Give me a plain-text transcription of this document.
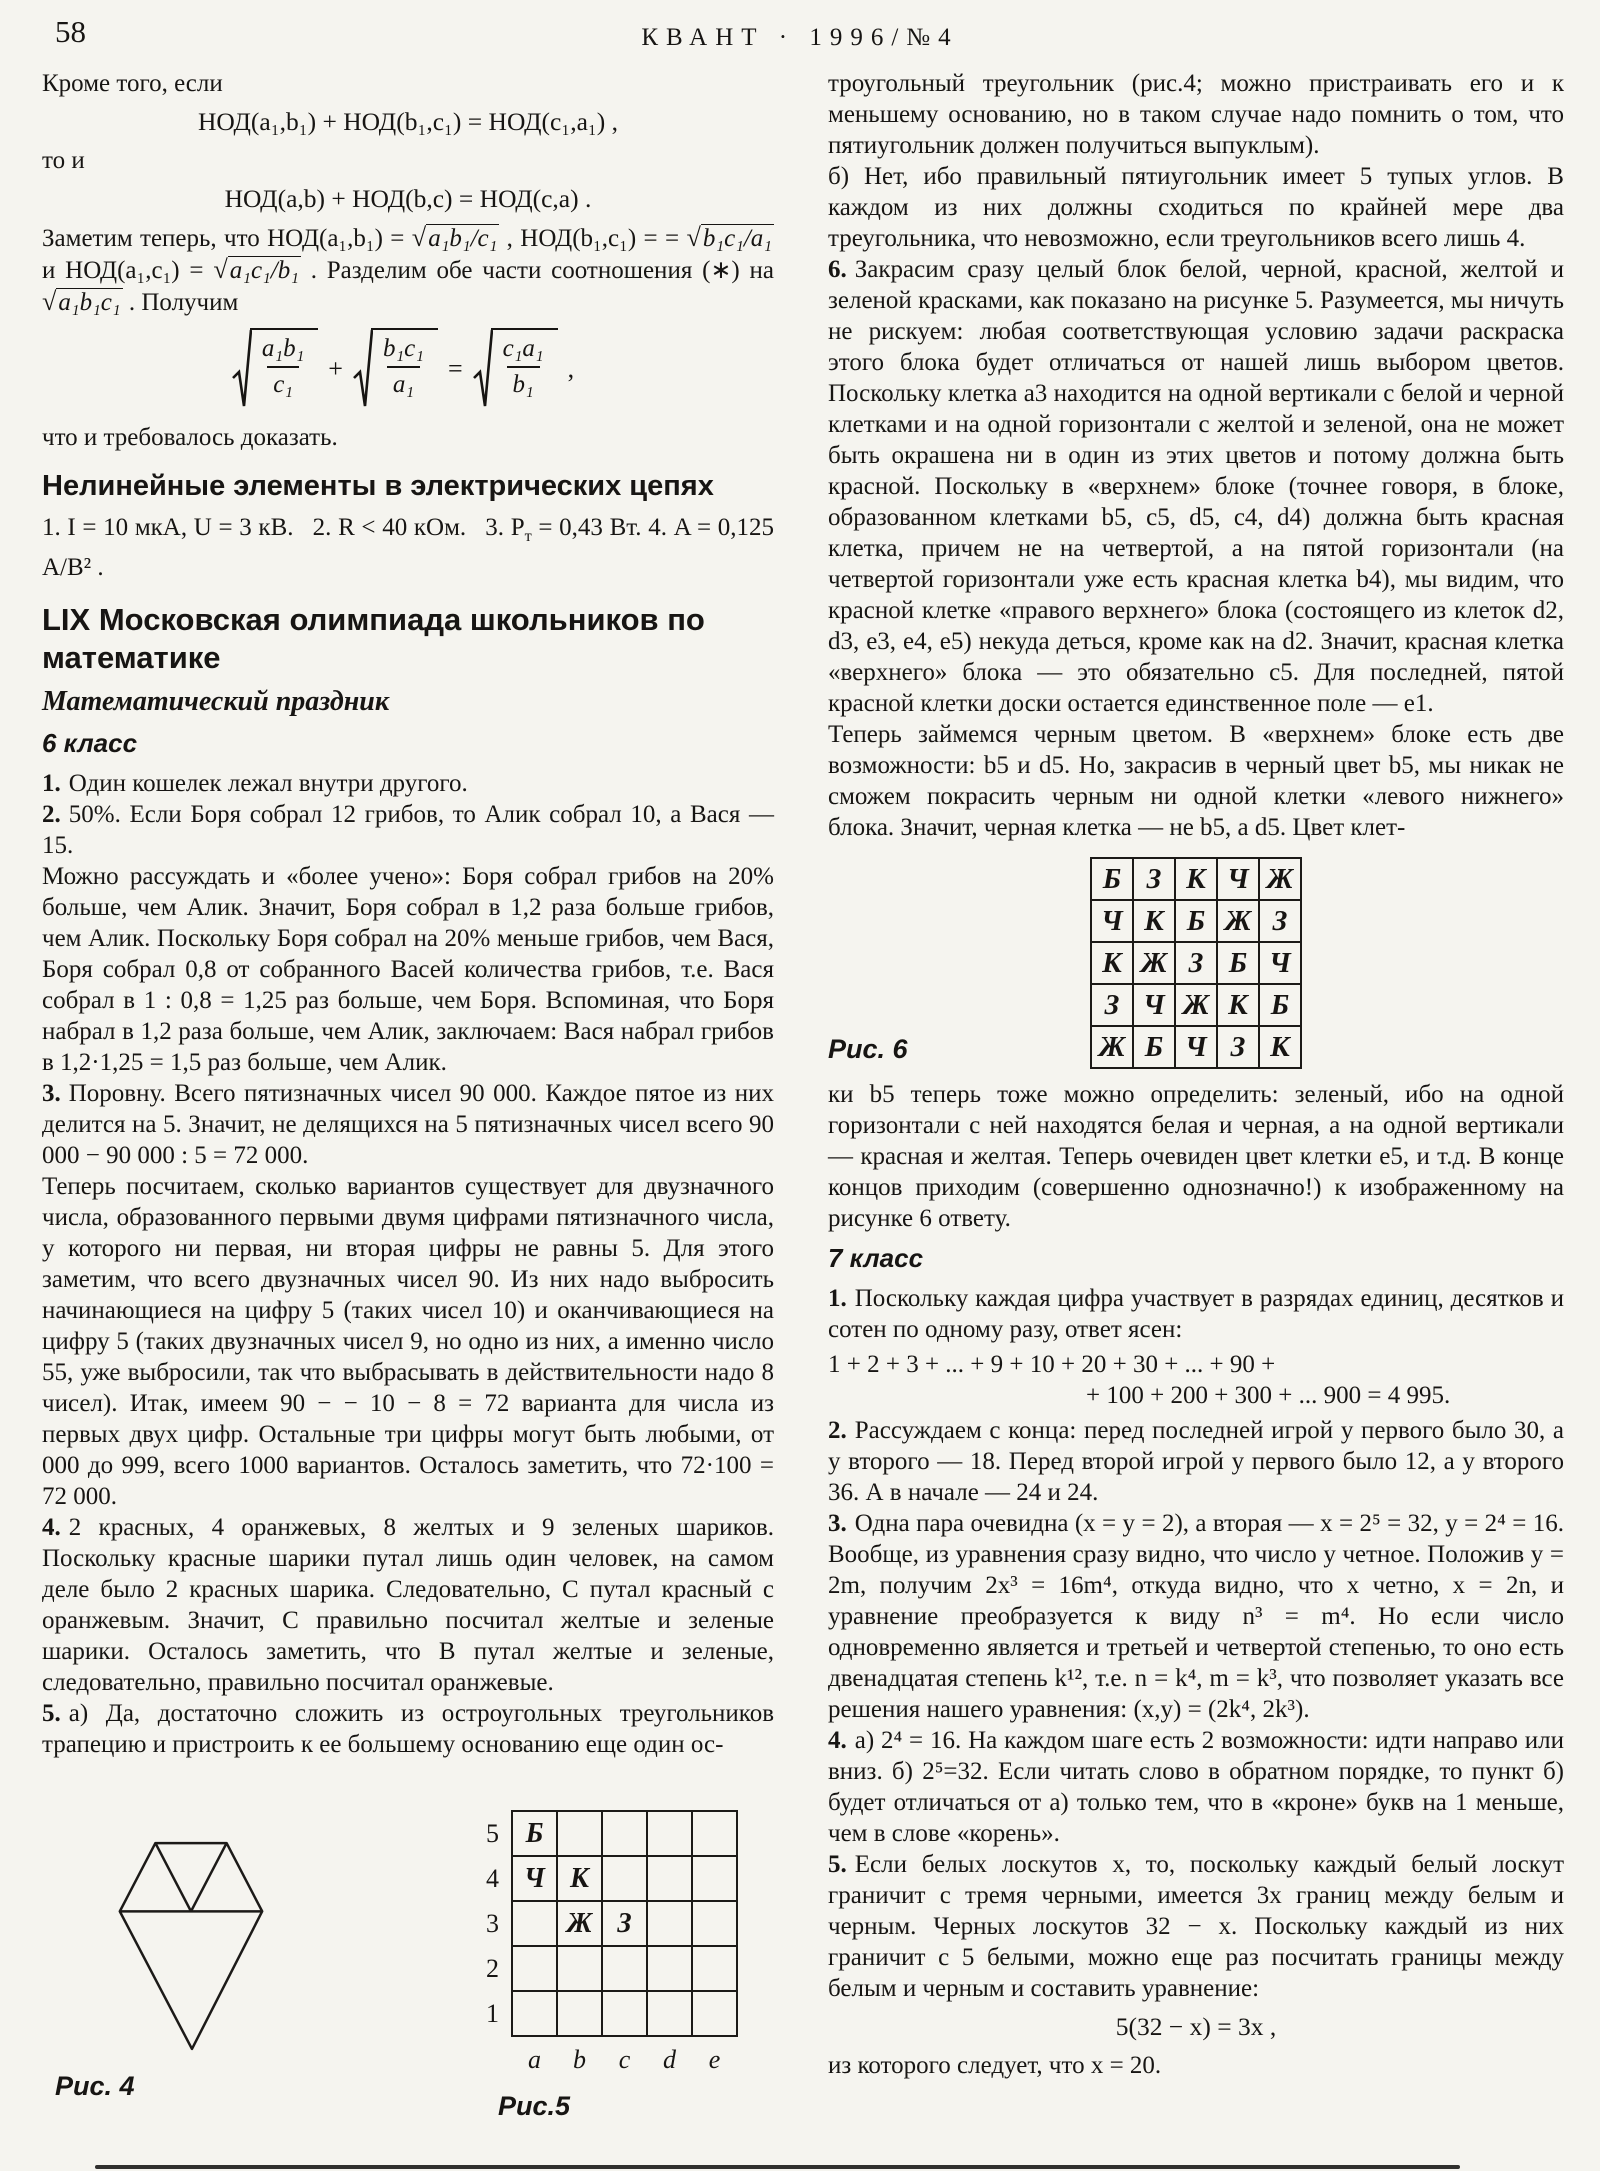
58	КВАНТ · 1996/№4

Кроме того, если

НОД(a₁,b₁) + НОД(b₁,c₁) = НОД(c₁,a₁) ,

то и

НОД(a,b) + НОД(b,c) = НОД(c,a) .

Заметим теперь, что НОД(a₁,b₁) = √a₁b₁/c₁ , НОД(b₁,c₁) = = √b₁c₁/a₁ и НОД(a₁,c₁) = √a₁c₁/b₁ . Разделим обе части соотношения (∗) на √a₁b₁c₁ . Получим

$\frac{\text{a₁b₁}}{\text{c₁}}$ +	$\frac{\text{b₁c₁}}{\text{a₁}}$ =	$\frac{\text{c₁a₁}}{\text{b₁}}$ ,

что и требовалось доказать.

Нелинейные элементы в электрических цепях

1. I = 10 мкА, U = 3 кВ.  2. R < 40 кОм.  3. $P_т = 0,43$ Вт. 4. A = 0,125 А/В² .

LIX Московская олимпиада школьников по математике
Математический праздник
6 класс

1. Один кошелек лежал внутри другого.

2. 50%. Если Боря собрал 12 грибов, то Алик собрал 10, а Вася — 15.

Можно рассуждать и «более учено»: Боря собрал грибов на 20% больше, чем Алик. Значит, Боря собрал в 1,2 раза больше грибов, чем Алик. Поскольку Боря собрал на 20% меньше грибов, чем Вася, Боря собрал 0,8 от собранного Васей количества грибов, т.е. Вася собрал в 1 : 0,8 = 1,25 раз больше, чем Боря. Вспоминая, что Боря набрал в 1,2 раза больше, чем Алик, заключаем: Вася набрал грибов в 1,2·1,25 = 1,5 раз больше, чем Алик.

3. Поровну. Всего пятизначных чисел 90 000. Каждое пятое из них делится на 5. Значит, не делящихся на 5 пятизначных чисел всего 90 000 − 90 000 : 5 = 72 000.

Теперь посчитаем, сколько вариантов существует для двузначного числа, образованного первыми двумя цифрами пятизначного числа, у которого ни первая, ни вторая цифры не равны 5. Для этого заметим, что всего двузначных чисел 90. Из них надо выбросить начинающиеся на цифру 5 (таких чисел 10) и оканчивающиеся на цифру 5 (таких двузначных чисел 9, но одно из них, а именно число 55, уже выбросили, так что выбрасывать в действительности надо 8 чисел). Итак, имеем 90 − − 10 − 8 = 72 варианта для числа из первых двух цифр. Остальные три цифры могут быть любыми, от 000 до 999, всего 1000 вариантов. Осталось заметить, что 72·100 = 72 000.

4. 2 красных, 4 оранжевых, 8 желтых и 9 зеленых шариков. Поскольку красные шарики путал лишь один человек, на самом деле было 2 красных шарика. Следовательно, C путал красный с оранжевым. Значит, C правильно посчитал желтые и зеленые шарики. Осталось заметить, что B путал желтые и зеленые, следовательно, правильно посчитал оранжевые.

5. а) Да, достаточно сложить из остроугольных треугольников трапецию и пристроить к ее большему основанию еще один ос-

Рис. 4
5	Б				
4	Ч	К			
3		Ж	З		
2					
1					
	a	b	c	d	e
Рис.5

троугольный треугольник (рис.4; можно пристраивать его и к меньшему основанию, но в таком случае надо помнить о том, что пятиугольник должен получиться выпуклым).

б) Нет, ибо правильный пятиугольник имеет 5 тупых углов. В каждом из них должны сходиться по крайней мере два треугольника, что невозможно, если треугольников всего лишь 4.

6. Закрасим сразу целый блок белой, черной, красной, желтой и зеленой красками, как показано на рисунке 5. Разумеется, мы ничуть не рискуем: любая соответствующая условию задачи раскраска этого блока будет отличаться от нашей лишь выбором цветов. Поскольку клетка a3 находится на одной вертикали с белой и черной клетками и на одной горизонтали с желтой и зеленой, она не может быть окрашена ни в один из этих цветов и потому должна быть красной. Поскольку в «верхнем» блоке (точнее говоря, в блоке, образованном клетками b5, c5, d5, c4, d4) должна быть красная клетка, причем не на четвертой, а на пятой горизонтали (на четвертой горизонтали уже есть красная клетка b4), мы видим, что красной клетке «правого верхнего» блока (состоящего из клеток d2, d3, e3, e4, e5) некуда деться, кроме как на d2. Значит, красная клетка «верхнего» блока — это обязательно c5. Для последней, пятой красной клетки доски остается единственное поле — e1.

Теперь займемся черным цветом. В «верхнем» блоке есть две возможности: b5 и d5. Но, закрасив в черный цвет b5, мы никак не сможем покрасить черным ни одной клетки «левого нижнего» блока. Значит, черная клетка — не b5, а d5. Цвет клет-

Б	З	К	Ч	Ж
Ч	К	Б	Ж	З
К	Ж	З	Б	Ч
З	Ч	Ж	К	Б
Ж	Б	Ч	З	К
Рис. 6

ки b5 теперь тоже можно определить: зеленый, ибо на одной горизонтали с ней находятся белая и черная, а на одной вертикали — красная и желтая. Теперь очевиден цвет клетки e5, и т.д. В конце концов приходим (совершенно однозначно!) к изображенному на рисунке 6 ответу.

7 класс

1. Поскольку каждая цифра участвует в разрядах единиц, десятков и сотен по одному разу, ответ ясен:

1 + 2 + 3 + ... + 9 + 10 + 20 + 30 + ... + 90 +
+ 100 + 200 + 300 + ... 900 = 4 995.

2. Рассуждаем с конца: перед последней игрой у первого было 30, а у второго — 18. Перед второй игрой у первого было 12, а у второго 36. А в начале — 24 и 24.

3. Одна пара очевидна (x = y = 2), а вторая — x = 2⁵ = 32, y = 2⁴ = 16. Вообще, из уравнения сразу видно, что число y четное. Положив y = 2m, получим 2x³ = 16m⁴, откуда видно, что x четно, x = 2n, и уравнение преобразуется к виду n³ = m⁴. Но если число одновременно является и третьей и четвертой степенью, то оно есть двенадцатая степень k¹², т.е. n = k⁴, m = k³, что позволяет указать все решения нашего уравнения: (x,y) = (2k⁴, 2k³).

4. а) 2⁴ = 16. На каждом шаге есть 2 возможности: идти направо или вниз. б) 2⁵=32. Если читать слово в обратном порядке, то пункт б) будет отличаться от а) только тем, что в «кроне» букв на 1 меньше, чем в слове «корень».

5. Если белых лоскутов x, то, поскольку каждый белый лоскут граничит с тремя черными, имеется 3x границ между белым и черным. Черных лоскутов 32 − x. Поскольку каждый из них граничит с 5 белыми, можно еще раз посчитать границы между белым и черным и составить уравнение:

5(32 − x) = 3x ,

из которого следует, что x = 20.
